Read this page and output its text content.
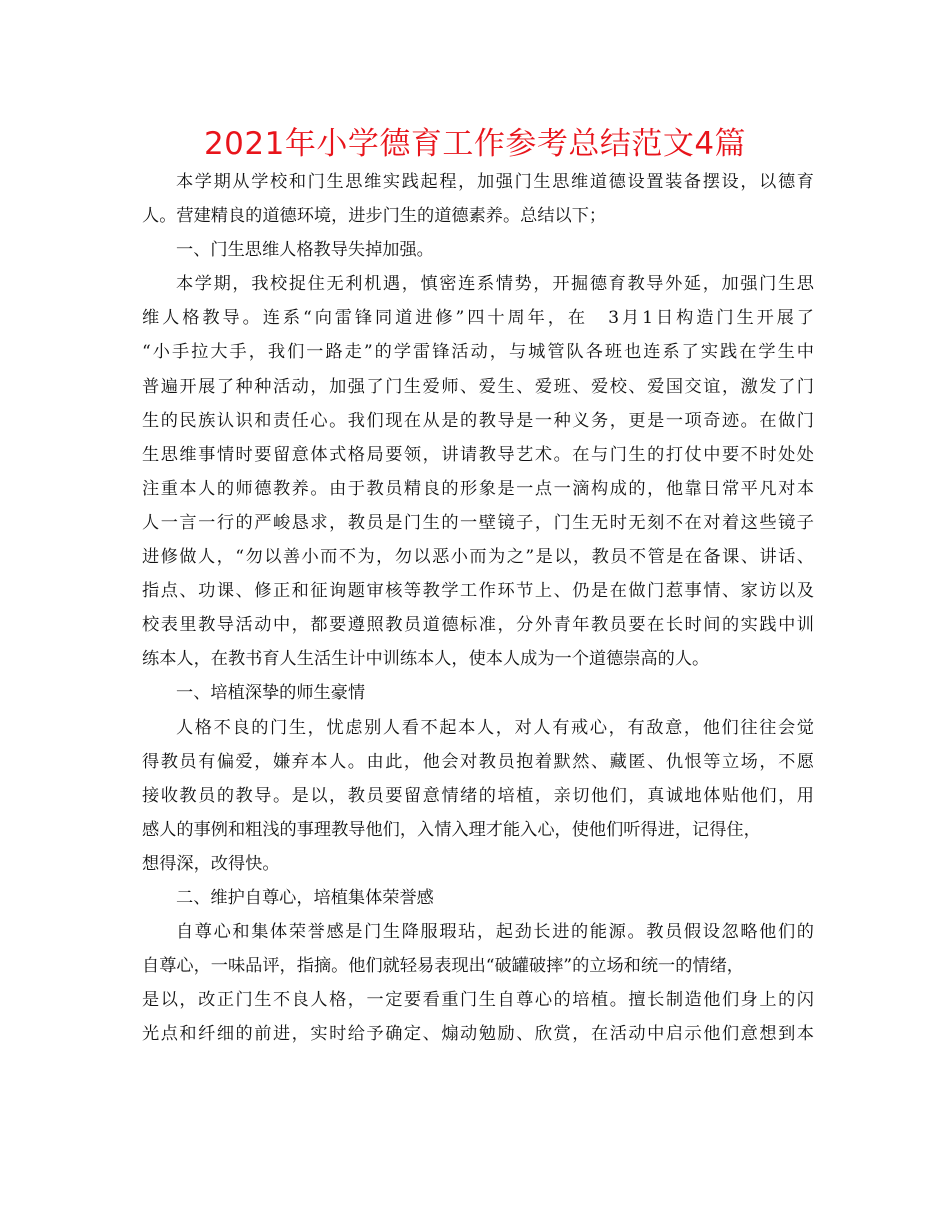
2021年小学德育工作参考总结范文4篇
本学期从学校和门生思维实践起程，加强门生思维道德设置装备摆设，以德育
人。营建精良的道德环境，进步门生的道德素养。总结以下；
一、门生思维人格教导失掉加强。
本学期，我校捉住无利机遇，慎密连系情势，开掘德育教导外延，加强门生思
维人格教导。连系“向雷锋同道进修”四十周年，在　3月1日构造门生开展了
“小手拉大手，我们一路走”的学雷锋活动，与城管队各班也连系了实践在学生中
普遍开展了种种活动，加强了门生爱师、爱生、爱班、爱校、爱国交谊，激发了门
生的民族认识和责任心。我们现在从是的教导是一种义务，更是一项奇迹。在做门
生思维事情时要留意体式格局要领，讲请教导艺术。在与门生的打仗中要不时处处
注重本人的师德教养。由于教员精良的形象是一点一滴构成的，他靠日常平凡对本
人一言一行的严峻恳求，教员是门生的一壁镜子，门生无时无刻不在对着这些镜子
进修做人，“勿以善小而不为，勿以恶小而为之”是以，教员不管是在备课、讲话、
指点、功课、修正和征询题审核等教学工作环节上、仍是在做门惹事情、家访以及
校表里教导活动中，都要遵照教员道德标准，分外青年教员要在长时间的实践中训
练本人，在教书育人生活生计中训练本人，使本人成为一个道德崇高的人。
一、培植深挚的师生豪情
人格不良的门生，忧虑别人看不起本人，对人有戒心，有敌意，他们往往会觉
得教员有偏爱，嫌弃本人。由此，他会对教员抱着默然、藏匿、仇恨等立场，不愿
接收教员的教导。是以，教员要留意情绪的培植，亲切他们，真诚地体贴他们，用
感人的事例和粗浅的事理教导他们，入情入理才能入心，使他们听得进，记得住，
想得深，改得快。
二、维护自尊心，培植集体荣誉感
自尊心和集体荣誉感是门生降服瑕玷，起劲长进的能源。教员假设忽略他们的
自尊心，一味品评，指摘。他们就轻易表现出“破罐破摔”的立场和统一的情绪，
是以，改正门生不良人格，一定要看重门生自尊心的培植。擅长制造他们身上的闪
光点和纤细的前进，实时给予确定、煽动勉励、欣赏，在活动中启示他们意想到本
